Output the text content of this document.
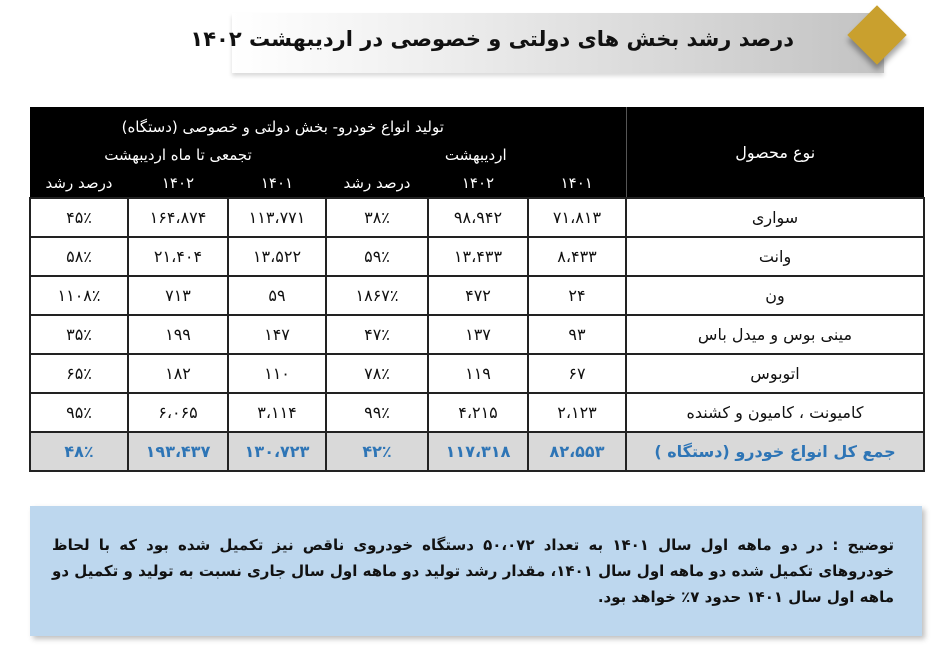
درصد رشد بخش های دولتی و خصوصی در اردیبهشت ۱۴۰۲
نوع محصول	تولید انواع خودرو- بخش دولتی و خصوصی (دستگاه)					
	اردیبهشت			تجمعی تا ماه اردیبهشت		
	۱۴۰۱	۱۴۰۲	درصد رشد	۱۴۰۱	۱۴۰۲	درصد رشد
سواری	۷۱،۸۱۳	۹۸،۹۴۲	۳۸٪	۱۱۳،۷۷۱	۱۶۴،۸۷۴	۴۵٪
وانت	۸،۴۳۳	۱۳،۴۳۳	۵۹٪	۱۳،۵۲۲	۲۱،۴۰۴	۵۸٪
ون	۲۴	۴۷۲	۱۸۶۷٪	۵۹	۷۱۳	۱۱۰۸٪
مینی بوس و میدل باس	۹۳	۱۳۷	۴۷٪	۱۴۷	۱۹۹	۳۵٪
اتوبوس	۶۷	۱۱۹	۷۸٪	۱۱۰	۱۸۲	۶۵٪
کامیونت ، کامیون و کشنده	۲،۱۲۳	۴،۲۱۵	۹۹٪	۳،۱۱۴	۶،۰۶۵	۹۵٪
جمع کل انواع خودرو (دستگاه )	۸۲،۵۵۳	۱۱۷،۳۱۸	۴۲٪	۱۳۰،۷۲۳	۱۹۳،۴۳۷	۴۸٪

توضیح : در دو ماهه اول سال ۱۴۰۱ به تعداد ۵۰،۰۷۲ دستگاه خودروی ناقص نیز تکمیل شده بود که با لحاظ خودروهای تکمیل شده دو ماهه اول سال ۱۴۰۱، مقدار رشد تولید دو ماهه اول سال جاری نسبت به تولید و تکمیل دو ماهه اول سال ۱۴۰۱ حدود ۷٪ خواهد بود.
